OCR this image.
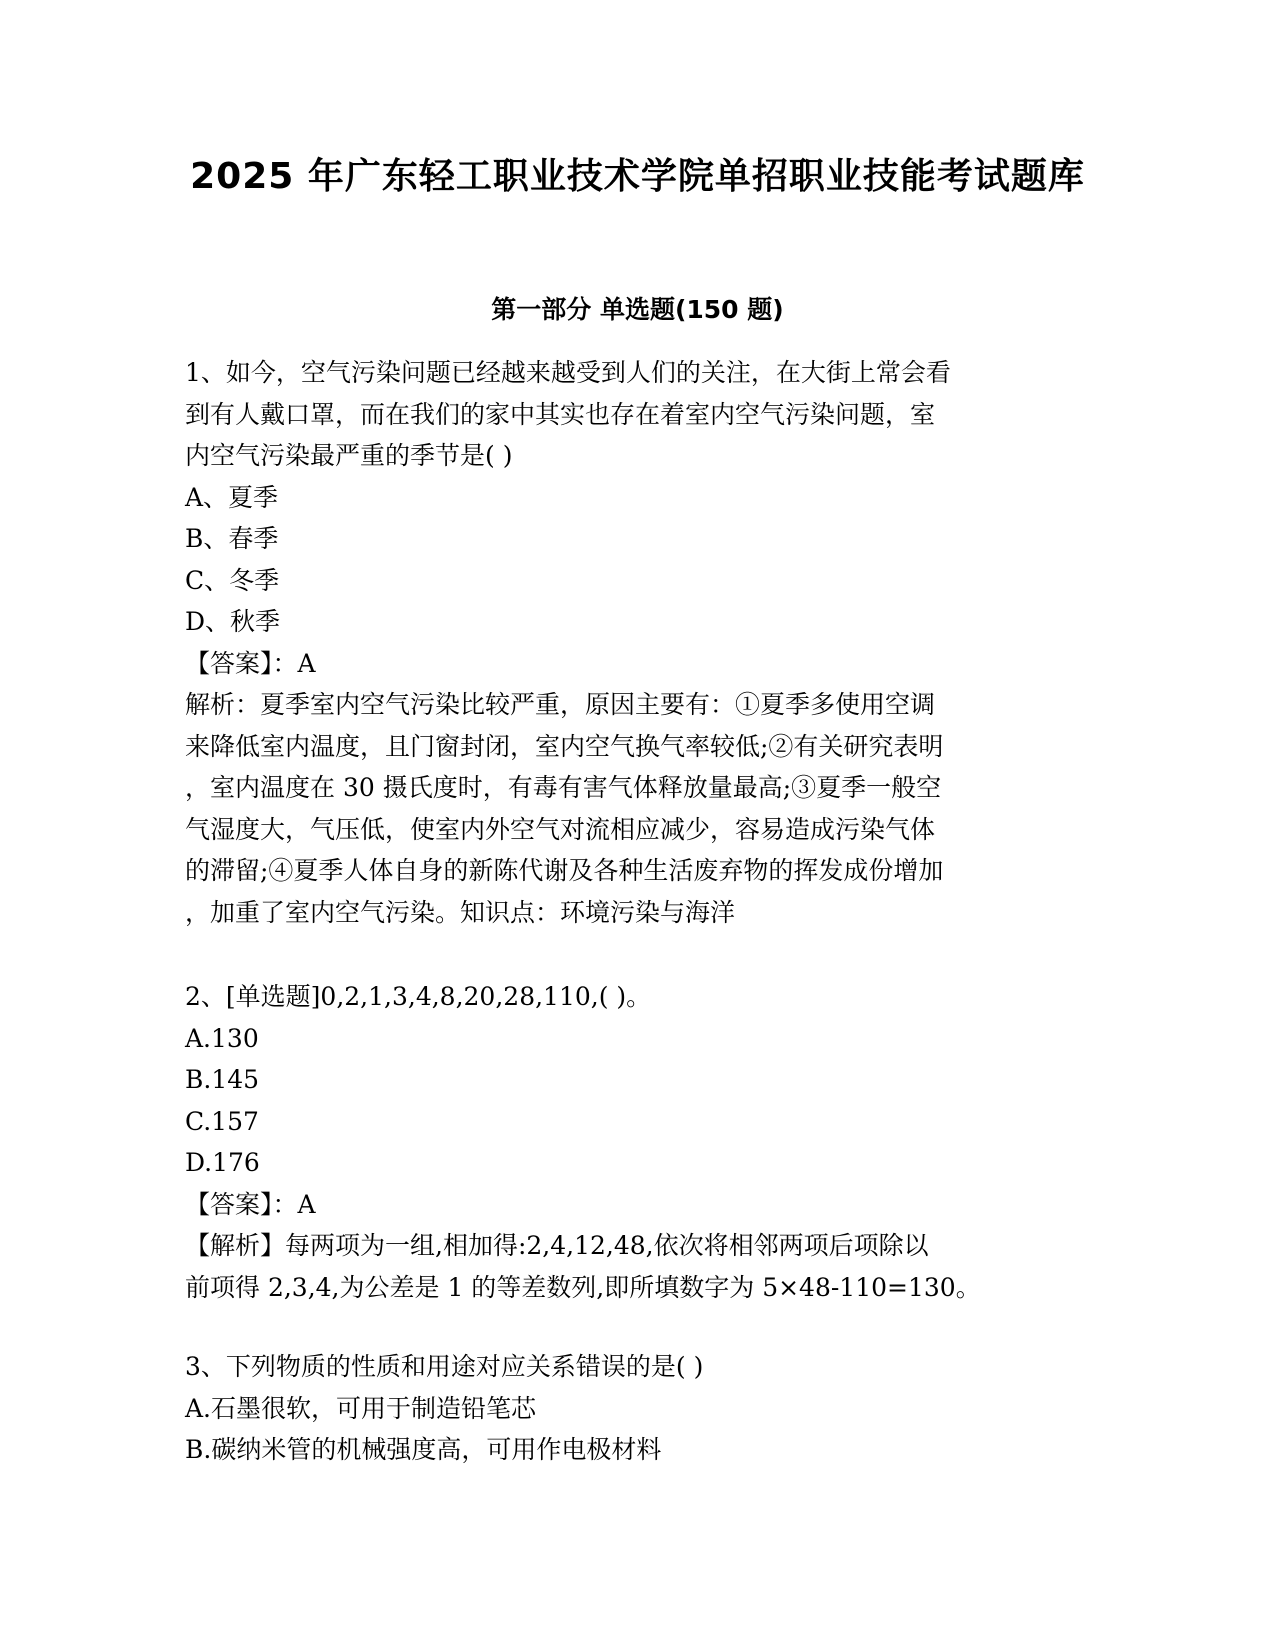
2025 年广东轻工职业技术学院单招职业技能考试题库
第一部分 单选题(150 题)
1、如今，空气污染问题已经越来越受到人们的关注，在大街上常会看
到有人戴口罩，而在我们的家中其实也存在着室内空气污染问题，室
内空气污染最严重的季节是( )
A、夏季
B、春季
C、冬季
D、秋季
【答案】：A
解析：夏季室内空气污染比较严重，原因主要有：①夏季多使用空调
来降低室内温度，且门窗封闭，室内空气换气率较低;②有关研究表明
，室内温度在 30 摄氏度时，有毒有害气体释放量最高;③夏季一般空
气湿度大，气压低，使室内外空气对流相应减少，容易造成污染气体
的滞留;④夏季人体自身的新陈代谢及各种生活废弃物的挥发成份增加
，加重了室内空气污染。知识点：环境污染与海洋
2、[单选题]0,2,1,3,4,8,20,28,110,( )。
A.130
B.145
C.157
D.176
【答案】：A
【解析】每两项为一组,相加得:2,4,12,48,依次将相邻两项后项除以
前项得 2,3,4,为公差是 1 的等差数列,即所填数字为 5×48-110=130。
3、下列物质的性质和用途对应关系错误的是( )
A.石墨很软，可用于制造铅笔芯
B.碳纳米管的机械强度高，可用作电极材料
